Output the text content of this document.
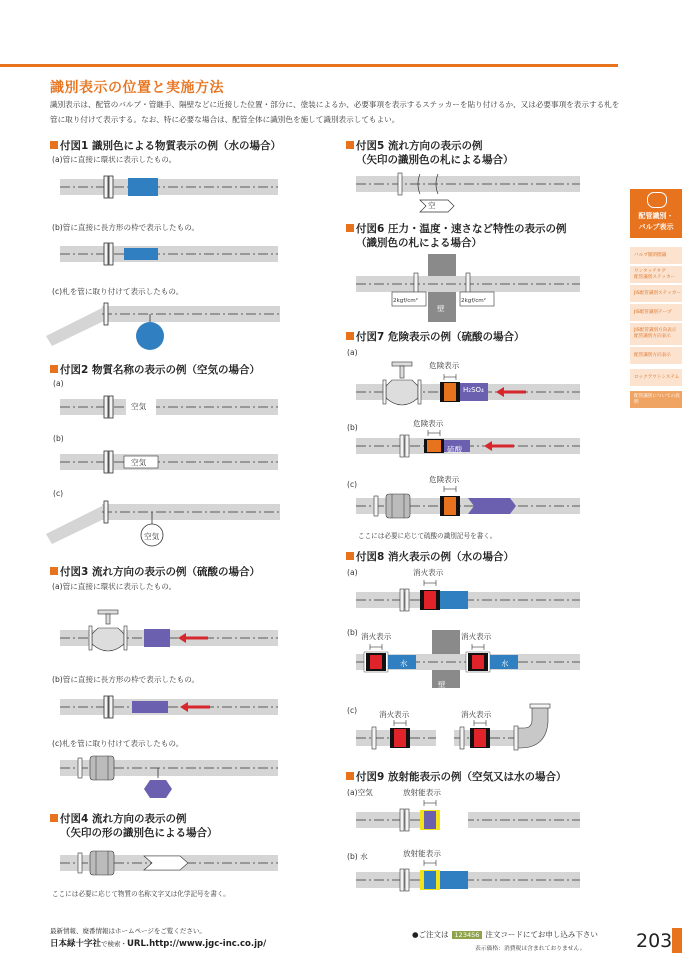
識別表示の位置と実施方法
識別表示は、配管のバルブ・管継手、隔壁などに近接した位置・部分に、塗装によるか、必要事項を表示するステッカーを貼り付けるか、又は必要事項を表示する札を管に取り付けて表示する。なお、特に必要な場合は、配管全体に識別色を施して識別表示してもよい。
付図1 識別色による物質表示の例（水の場合）
(a)管に直接に環状に表示したもの。
(b)管に直接に長方形の枠で表示したもの。
(c)札を管に取り付けて表示したもの。
付図2 物質名称の表示の例（空気の場合）
(a)
空気
(b)
空気
(c)
空気
付図3 流れ方向の表示の例（硫酸の場合）
(a)管に直接に環状に表示したもの。
(b)管に直接に長方形の枠で表示したもの。
(c)札を管に取り付けて表示したもの。
付図4 流れ方向の表示の例
（矢印の形の識別色による場合）
ここには必要に応じて物質の名称文字又は化学記号を書く。
付図5 流れ方向の表示の例
（矢印の識別色の札による場合）
空
付図6 圧力・温度・速さなど特性の表示の例
（識別色の札による場合）
2kgf/cm²	2kgf/cm²
壁
付図7 危険表示の例（硫酸の場合）
(a)
危険表示
H₂SO₄
(b)	危険表示
硫酸
(c)
危険表示
ここには必要に応じて硫酸の識別記号を書く。
付図8 消火表示の例（水の場合）
(a)	消火表示
(b) 消火表示	消火表示
水	水
壁
(c)	消火表示	消火表示
付図9 放射能表示の例（空気又は水の場合）
(a)空気	放射能表示
(b) 水	放射能表示
配管識別・
バルブ表示
バルブ開閉標識
ワンタッチタグ
配管識別ステッカー
JIS配管識別ステッカー
JIS配管識別テープ
JIS配管識別方向表示
配管識別方向表示
配管識別方向表示
ロックアウトシステム
配管識別についての説明
最新情報、廃番情報はホームページをご覧ください。
日本緑十字社で検索・URL.http://www.jgc-inc.co.jp/
●ご注文は 123456 注文コードにてお申し込み下さい
表示価格：消費税は含まれておりません。	203
